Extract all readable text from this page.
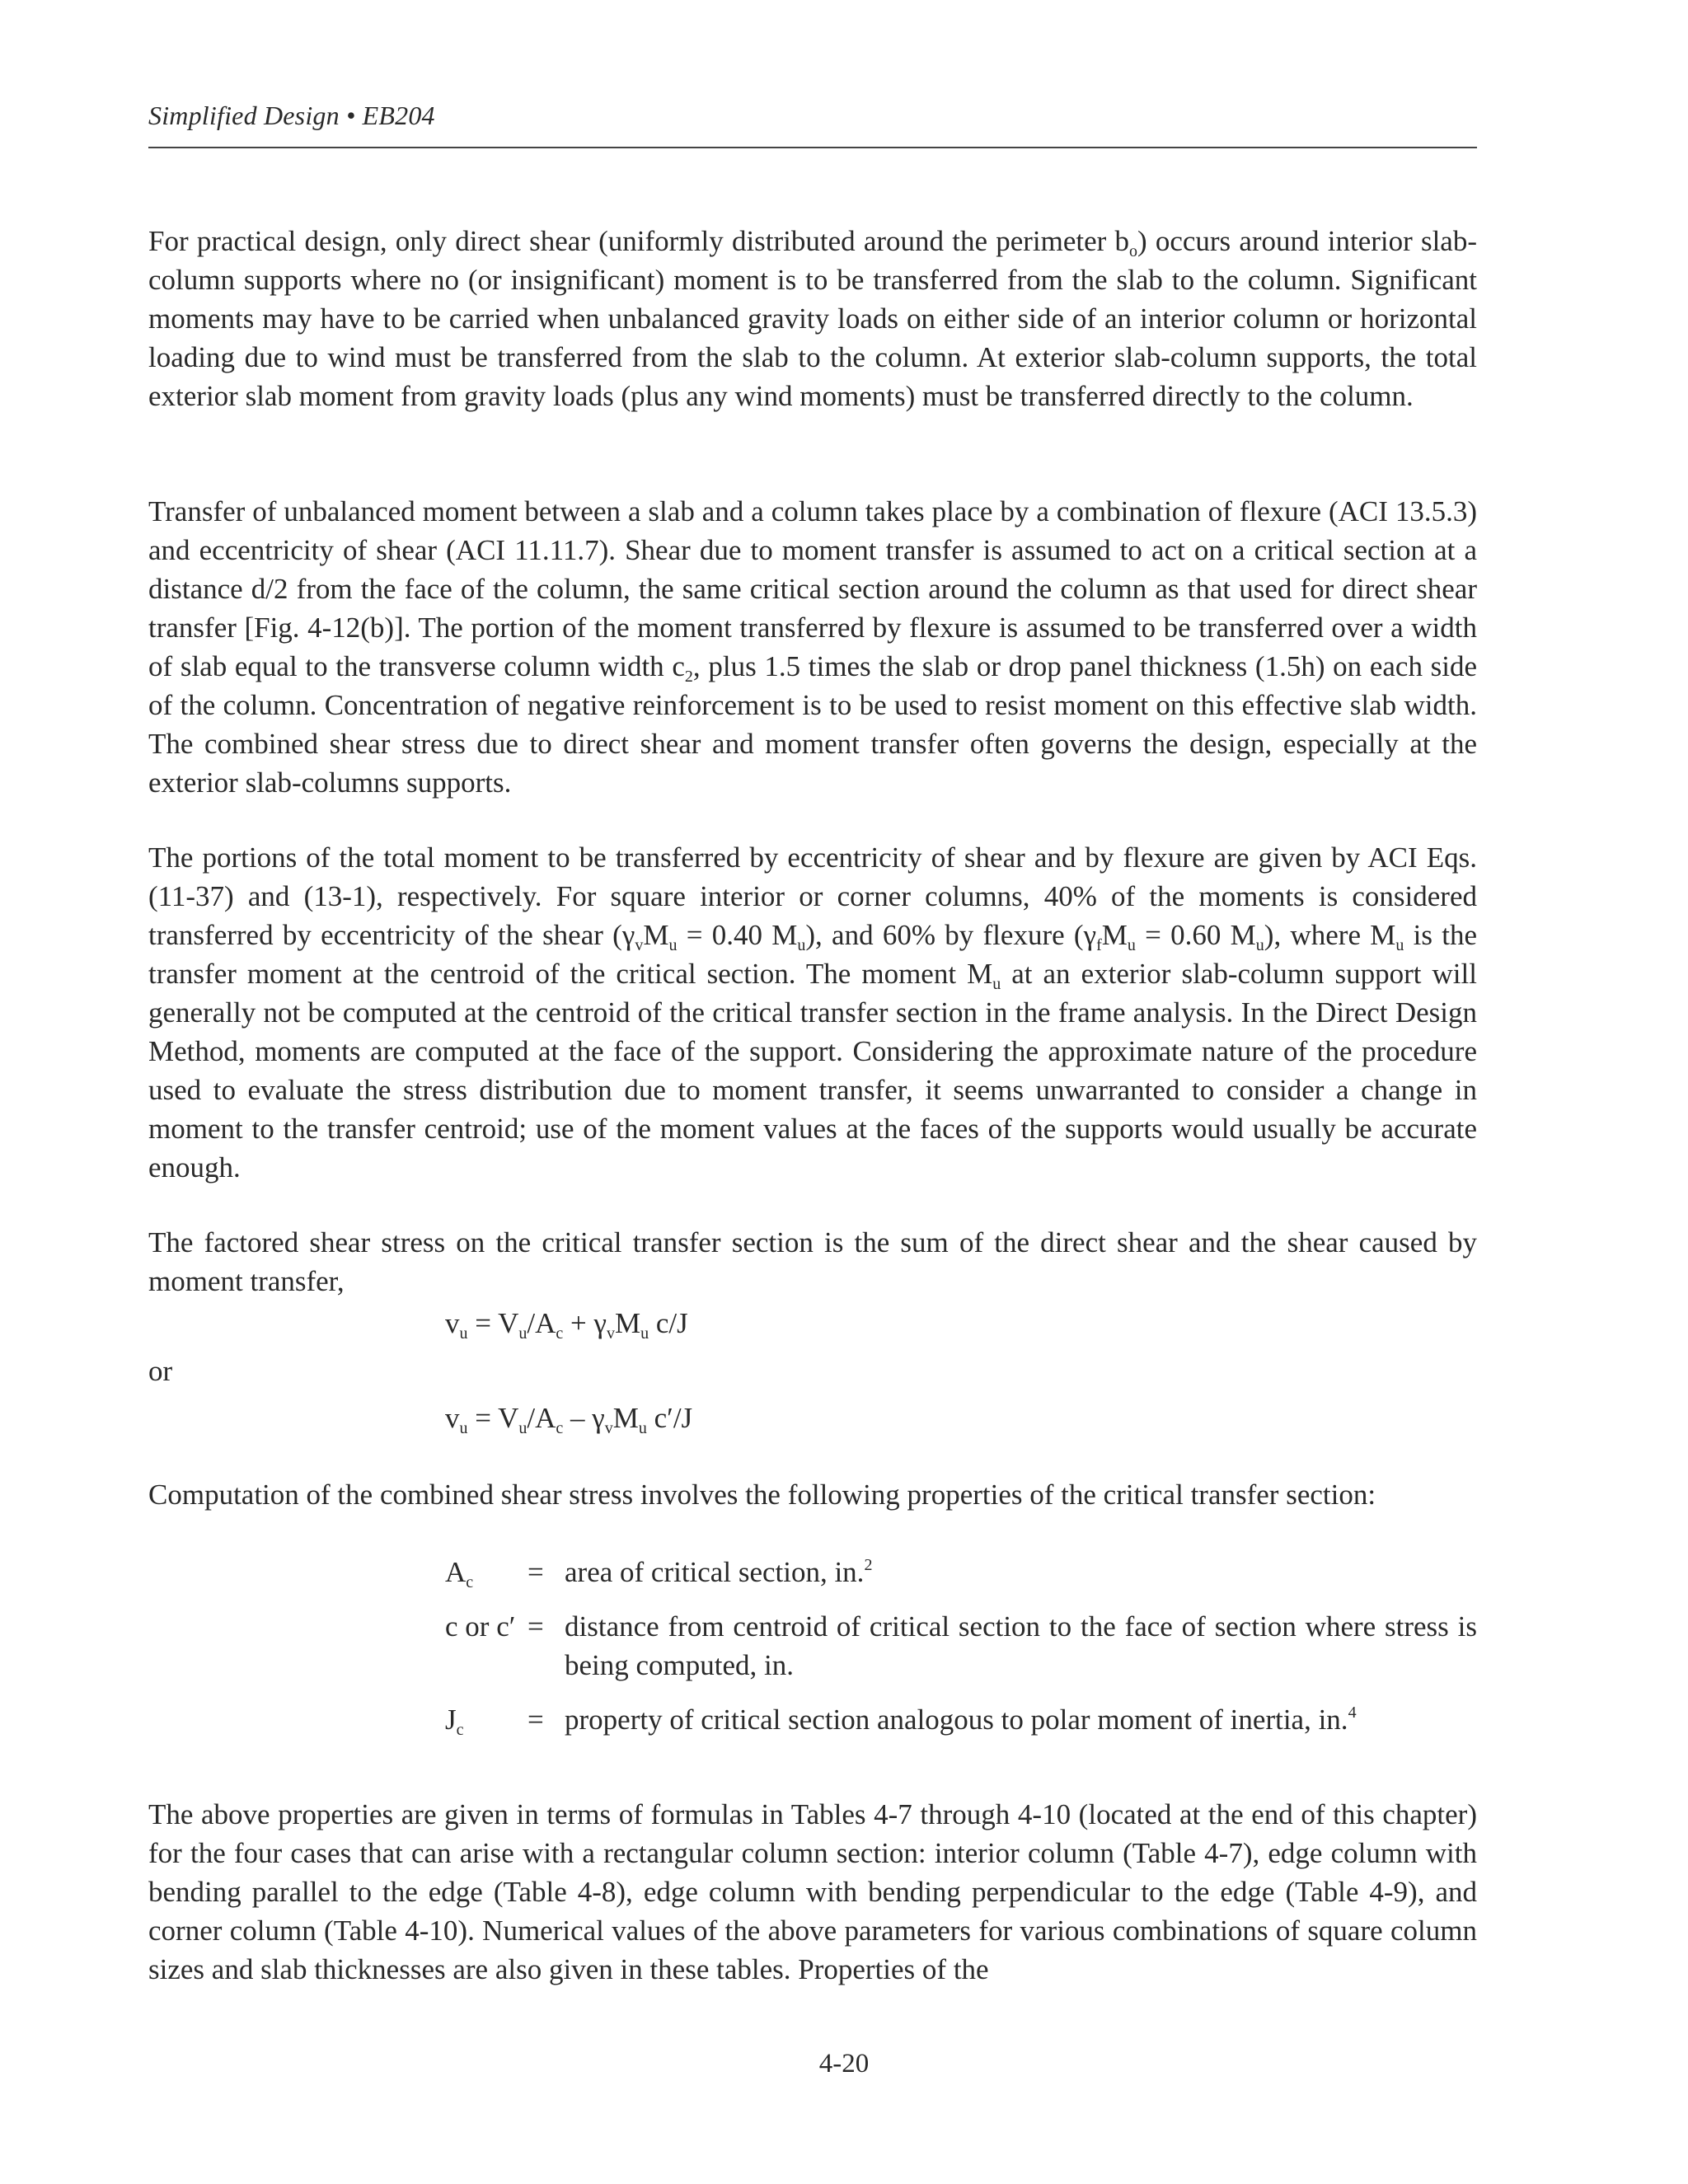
Simplified Design • EB204

For practical design, only direct shear (uniformly distributed around the perimeter $b_o$) occurs around interior slab-column supports where no (or insignificant) moment is to be transferred from the slab to the column. Significant moments may have to be carried when unbalanced gravity loads on either side of an interior column or horizontal loading due to wind must be transferred from the slab to the column. At exterior slab-column supports, the total exterior slab moment from gravity loads (plus any wind moments) must be transferred directly to the column.

Transfer of unbalanced moment between a slab and a column takes place by a combination of flexure (ACI 13.5.3) and eccentricity of shear (ACI 11.11.7). Shear due to moment transfer is assumed to act on a critical section at a distance d/2 from the face of the column, the same critical section around the column as that used for direct shear transfer [Fig. 4-12(b)]. The portion of the moment transferred by flexure is assumed to be transferred over a width of slab equal to the transverse column width $c_2$, plus 1.5 times the slab or drop panel thickness (1.5h) on each side of the column. Concentration of negative reinforcement is to be used to resist moment on this effective slab width. The combined shear stress due to direct shear and moment transfer often governs the design, especially at the exterior slab-columns supports.

The portions of the total moment to be transferred by eccentricity of shear and by flexure are given by ACI Eqs. (11-37) and (13-1), respectively. For square interior or corner columns, 40% of the moments is considered transferred by eccentricity of the shear ($\gamma_vM_u = 0.40$ $M_u$), and 60% by flexure ($\gamma_fM_u = 0.60$ $M_u$), where $M_u$ is the transfer moment at the centroid of the critical section. The moment $M_u$ at an exterior slab-column support will generally not be computed at the centroid of the critical transfer section in the frame analysis. In the Direct Design Method, moments are computed at the face of the support. Considering the approximate nature of the procedure used to evaluate the stress distribution due to moment transfer, it seems unwarranted to consider a change in moment to the transfer centroid; use of the moment values at the faces of the supports would usually be accurate enough.

The factored shear stress on the critical transfer section is the sum of the direct shear and the shear caused by moment transfer,

$v_u = V_u/A_c + \gamma_vM_u$ c/J
or
$v_u = V_u/A_c - \gamma_vM_u$ c′/J

Computation of the combined shear stress involves the following properties of the critical transfer section:

$A_c$	= area of critical section, in.$^2$
c or c′ = distance from centroid of critical section to the face of section where stress is being computed, in.
$J_c$	= property of critical section analogous to polar moment of inertia, in.$^4$

The above properties are given in terms of formulas in Tables 4-7 through 4-10 (located at the end of this chapter) for the four cases that can arise with a rectangular column section: interior column (Table 4-7), edge column with bending parallel to the edge (Table 4-8), edge column with bending perpendicular to the edge (Table 4-9), and corner column (Table 4-10). Numerical values of the above parameters for various combinations of square column sizes and slab thicknesses are also given in these tables. Properties of the

4-20
